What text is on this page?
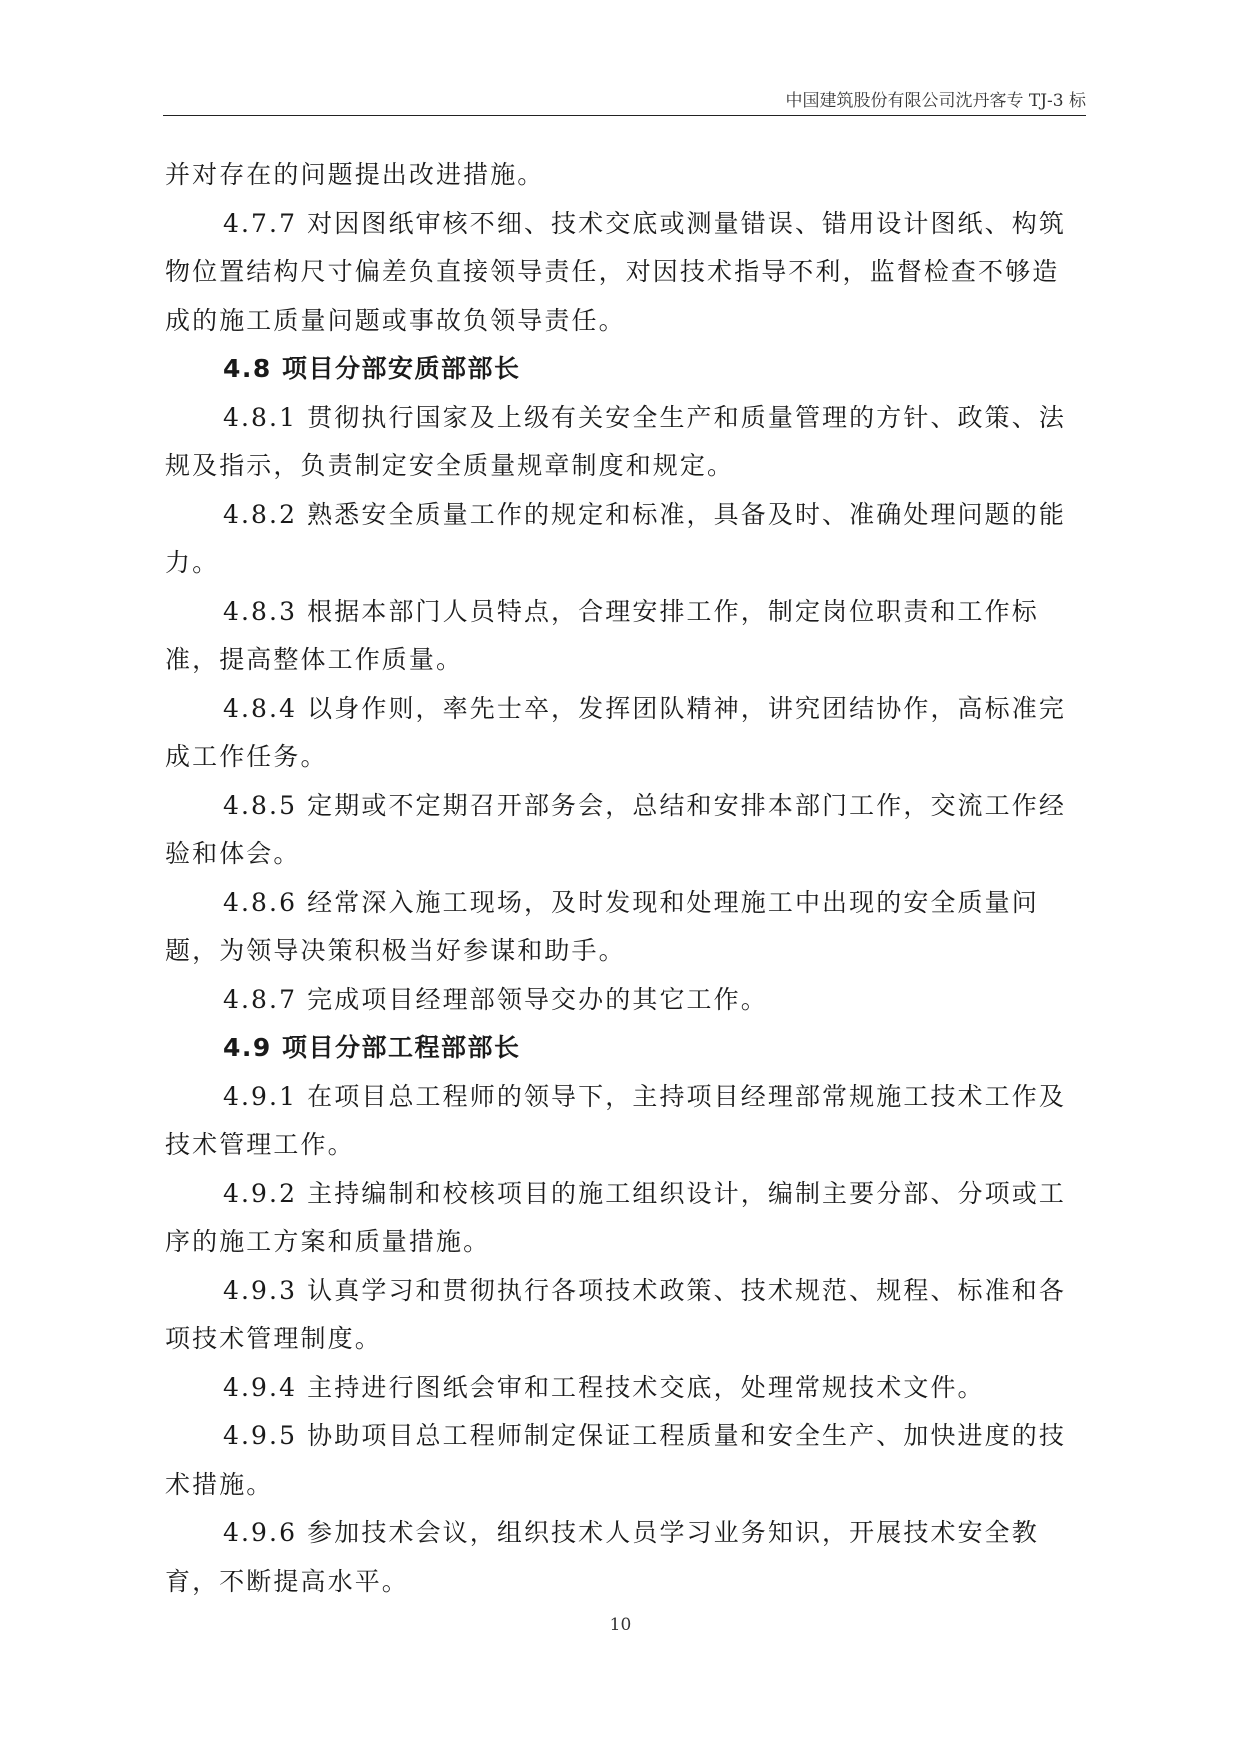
中国建筑股份有限公司沈丹客专 TJ-3 标

并对存在的问题提出改进措施。

4.7.7 对因图纸审核不细、技术交底或测量错误、错用设计图纸、构筑物位置结构尺寸偏差负直接领导责任，对因技术指导不利，监督检查不够造成的施工质量问题或事故负领导责任。

4.8 项目分部安质部部长

4.8.1 贯彻执行国家及上级有关安全生产和质量管理的方针、政策、法规及指示，负责制定安全质量规章制度和规定。

4.8.2 熟悉安全质量工作的规定和标准，具备及时、准确处理问题的能力。

4.8.3 根据本部门人员特点，合理安排工作，制定岗位职责和工作标准，提高整体工作质量。

4.8.4 以身作则，率先士卒，发挥团队精神，讲究团结协作，高标准完成工作任务。

4.8.5 定期或不定期召开部务会，总结和安排本部门工作，交流工作经验和体会。

4.8.6 经常深入施工现场，及时发现和处理施工中出现的安全质量问题，为领导决策积极当好参谋和助手。

4.8.7 完成项目经理部领导交办的其它工作。

4.9 项目分部工程部部长

4.9.1 在项目总工程师的领导下，主持项目经理部常规施工技术工作及技术管理工作。

4.9.2 主持编制和校核项目的施工组织设计，编制主要分部、分项或工序的施工方案和质量措施。

4.9.3 认真学习和贯彻执行各项技术政策、技术规范、规程、标准和各项技术管理制度。

4.9.4 主持进行图纸会审和工程技术交底，处理常规技术文件。

4.9.5 协助项目总工程师制定保证工程质量和安全生产、加快进度的技术措施。

4.9.6 参加技术会议，组织技术人员学习业务知识，开展技术安全教育，不断提高水平。

10
